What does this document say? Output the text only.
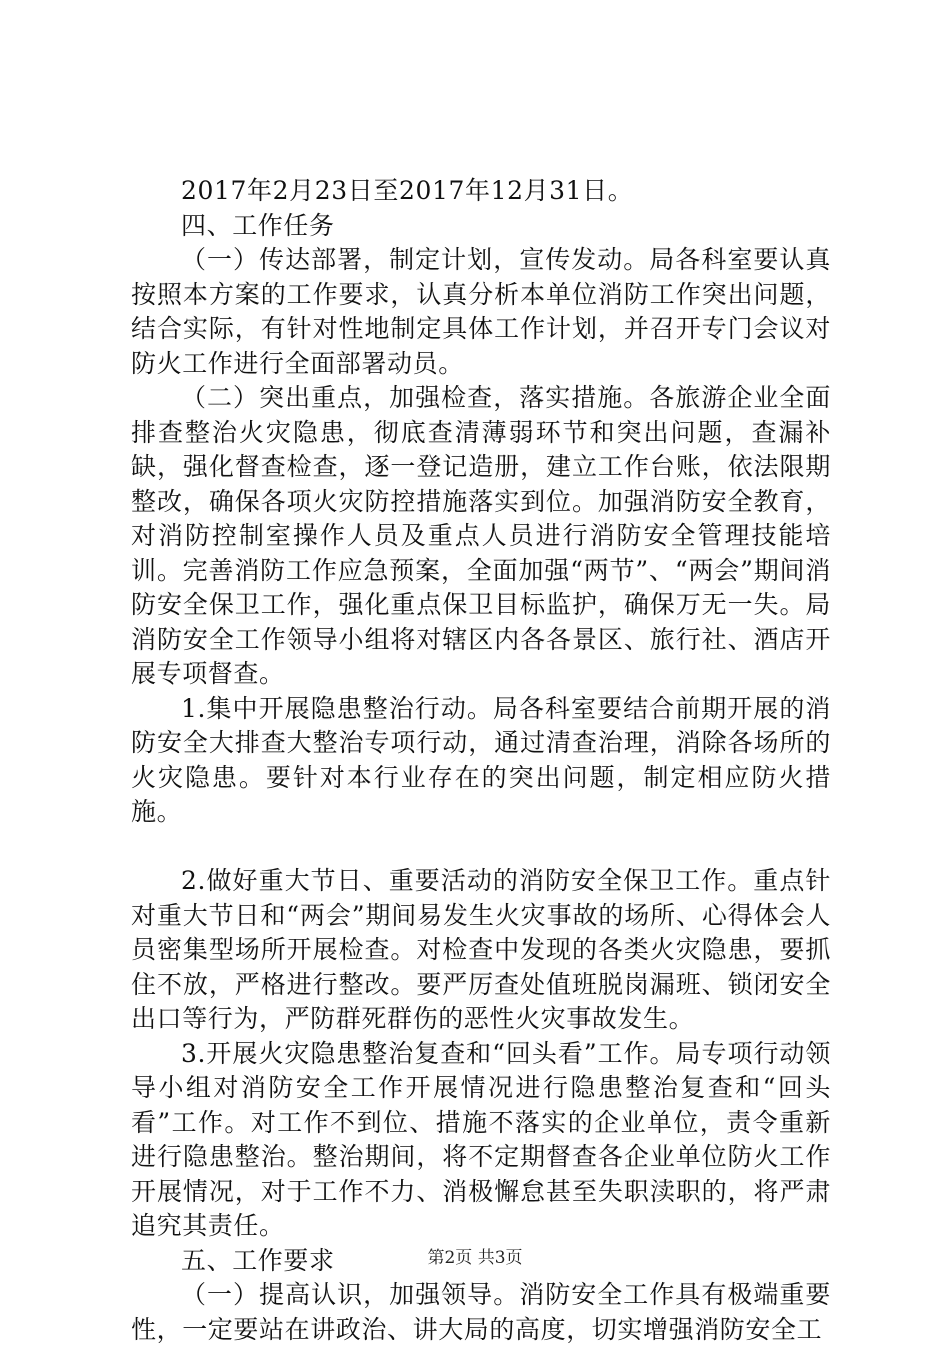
2017年2月23日至2017年12月31日。

四、工作任务

（一）传达部署，制定计划，宣传发动。局各科室要认真按照本方案的工作要求，认真分析本单位消防工作突出问题，结合实际，有针对性地制定具体工作计划，并召开专门会议对防火工作进行全面部署动员。

（二）突出重点，加强检查，落实措施。各旅游企业全面排查整治火灾隐患，彻底查清薄弱环节和突出问题，查漏补缺，强化督查检查，逐一登记造册，建立工作台账，依法限期整改，确保各项火灾防控措施落实到位。加强消防安全教育，对消防控制室操作人员及重点人员进行消防安全管理技能培训。完善消防工作应急预案，全面加强“两节”、“两会”期间消防安全保卫工作，强化重点保卫目标监护，确保万无一失。局消防安全工作领导小组将对辖区内各各景区、旅行社、酒店开展专项督查。

1.集中开展隐患整治行动。局各科室要结合前期开展的消防安全大排查大整治专项行动，通过清查治理，消除各场所的火灾隐患。要针对本行业存在的突出问题，制定相应防火措施。

2.做好重大节日、重要活动的消防安全保卫工作。重点针对重大节日和“两会”期间易发生火灾事故的场所、心得体会人员密集型场所开展检查。对检查中发现的各类火灾隐患，要抓住不放，严格进行整改。要严厉查处值班脱岗漏班、锁闭安全出口等行为，严防群死群伤的恶性火灾事故发生。

3.开展火灾隐患整治复查和“回头看”工作。局专项行动领导小组对消防安全工作开展情况进行隐患整治复查和“回头看”工作。对工作不到位、措施不落实的企业单位，责令重新进行隐患整治。整治期间，将不定期督查各企业单位防火工作开展情况，对于工作不力、消极懈怠甚至失职渎职的，将严肃追究其责任。

五、工作要求

（一）提高认识，加强领导。消防安全工作具有极端重要性，一定要站在讲政治、讲大局的高度，切实增强消防安全工

第2页 共3页
